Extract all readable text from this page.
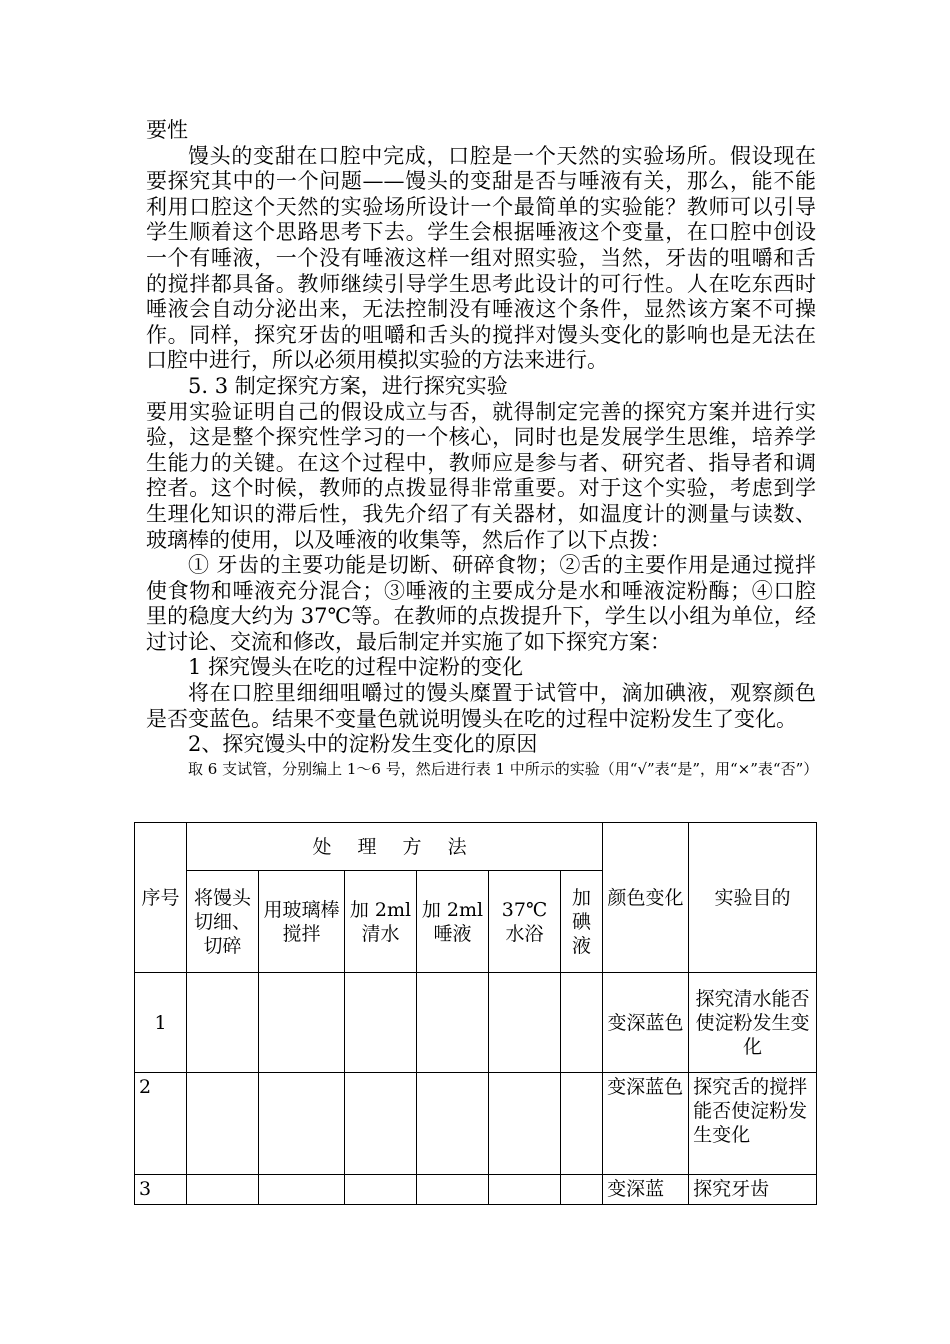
要性

馒头的变甜在口腔中完成，口腔是一个天然的实验场所。假设现在要探究其中的一个问题——馒头的变甜是否与唾液有关，那么，能不能利用口腔这个天然的实验场所设计一个最简单的实验能？教师可以引导学生顺着这个思路思考下去。学生会根据唾液这个变量，在口腔中创设一个有唾液，一个没有唾液这样一组对照实验，当然，牙齿的咀嚼和舌的搅拌都具备。教师继续引导学生思考此设计的可行性。人在吃东西时唾液会自动分泌出来，无法控制没有唾液这个条件，显然该方案不可操作。同样，探究牙齿的咀嚼和舌头的搅拌对馒头变化的影响也是无法在口腔中进行，所以必须用模拟实验的方法来进行。

5. 3 制定探究方案，进行探究实验

要用实验证明自己的假设成立与否，就得制定完善的探究方案并进行实验，这是整个探究性学习的一个核心，同时也是发展学生思维，培养学生能力的关键。在这个过程中，教师应是参与者、研究者、指导者和调控者。这个时候，教师的点拨显得非常重要。对于这个实验，考虑到学生理化知识的滞后性，我先介绍了有关器材，如温度计的测量与读数、玻璃棒的使用，以及唾液的收集等，然后作了以下点拨：

① 牙齿的主要功能是切断、研碎食物；②舌的主要作用是通过搅拌使食物和唾液充分混合；③唾液的主要成分是水和唾液淀粉酶；④口腔里的稳度大约为 37℃等。在教师的点拨提升下，学生以小组为单位，经过讨论、交流和修改，最后制定并实施了如下探究方案：

1 探究馒头在吃的过程中淀粉的变化

将在口腔里细细咀嚼过的馒头糜置于试管中，滴加碘液，观察颜色是否变蓝色。结果不变量色就说明馒头在吃的过程中淀粉发生了变化。

2、探究馒头中的淀粉发生变化的原因

取 6 支试管，分别编上 1～6 号，然后进行表 1 中所示的实验（用“√”表“是”，用“×”表“否”）

序号	处 理 方 法						颜色变化	实验目的
	将馒头切细、切碎	用玻璃棒搅拌	加 2ml 清水	加 2ml 唾液	37℃ 水浴	加碘液		
1							变深蓝色	探究清水能否使淀粉发生变化
2							变深蓝色	探究舌的搅拌能否使淀粉发生变化
3							变深蓝	探究牙齿
